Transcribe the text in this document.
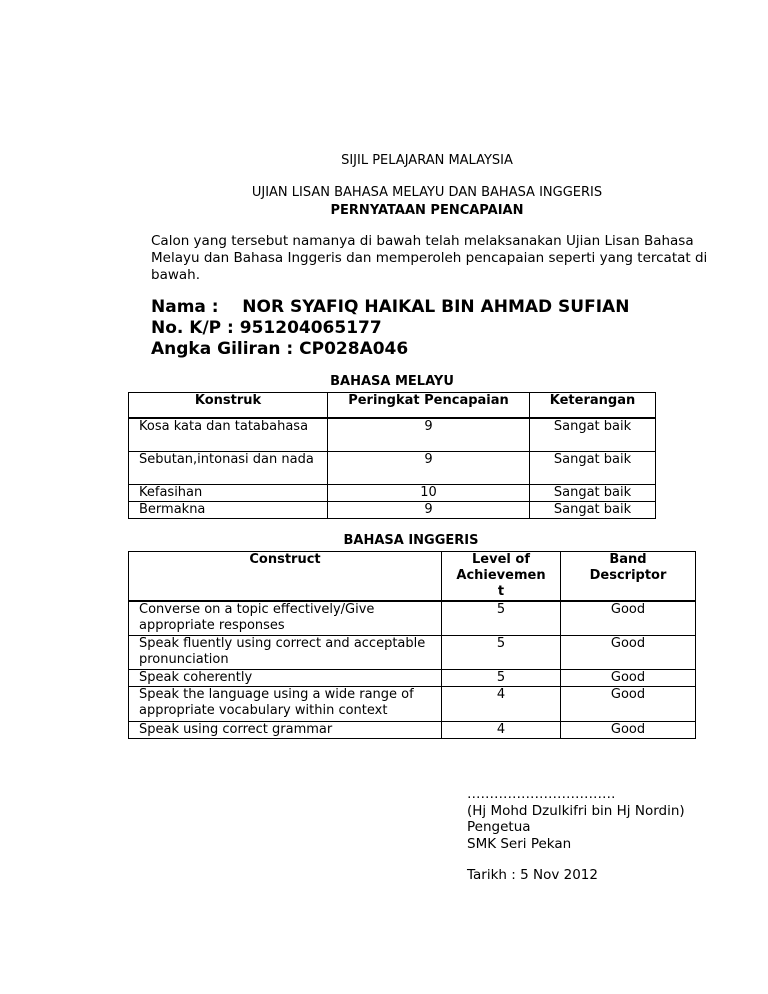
SIJIL PELAJARAN MALAYSIA
UJIAN LISAN BAHASA MELAYU DAN BAHASA INGGERIS
PERNYATAAN PENCAPAIAN
Calon yang tersebut namanya di bawah telah melaksanakan Ujian Lisan Bahasa Melayu dan Bahasa Inggeris dan memperoleh pencapaian seperti yang tercatat di bawah.
Nama :    NOR SYAFIQ HAIKAL BIN AHMAD SUFIAN
No. K/P : 951204065177
Angka Giliran : CP028A046
BAHASA MELAYU
Konstruk	Peringkat Pencapaian	Keterangan
Kosa kata dan tatabahasa	9	Sangat baik
Sebutan,intonasi dan nada	9	Sangat baik
Kefasihan	10	Sangat baik
Bermakna	9	Sangat baik
BAHASA INGGERIS
Construct	Level of Achievemen t	Band Descriptor
Converse on a topic effectively/Give appropriate responses	5	Good
Speak fluently using correct and acceptable pronunciation	5	Good
Speak coherently	5	Good
Speak the language using a wide range of appropriate vocabulary within context	4	Good
Speak using correct grammar	4	Good
……………………………
(Hj Mohd Dzulkifri bin Hj Nordin)
Pengetua
SMK Seri Pekan
Tarikh : 5 Nov 2012
